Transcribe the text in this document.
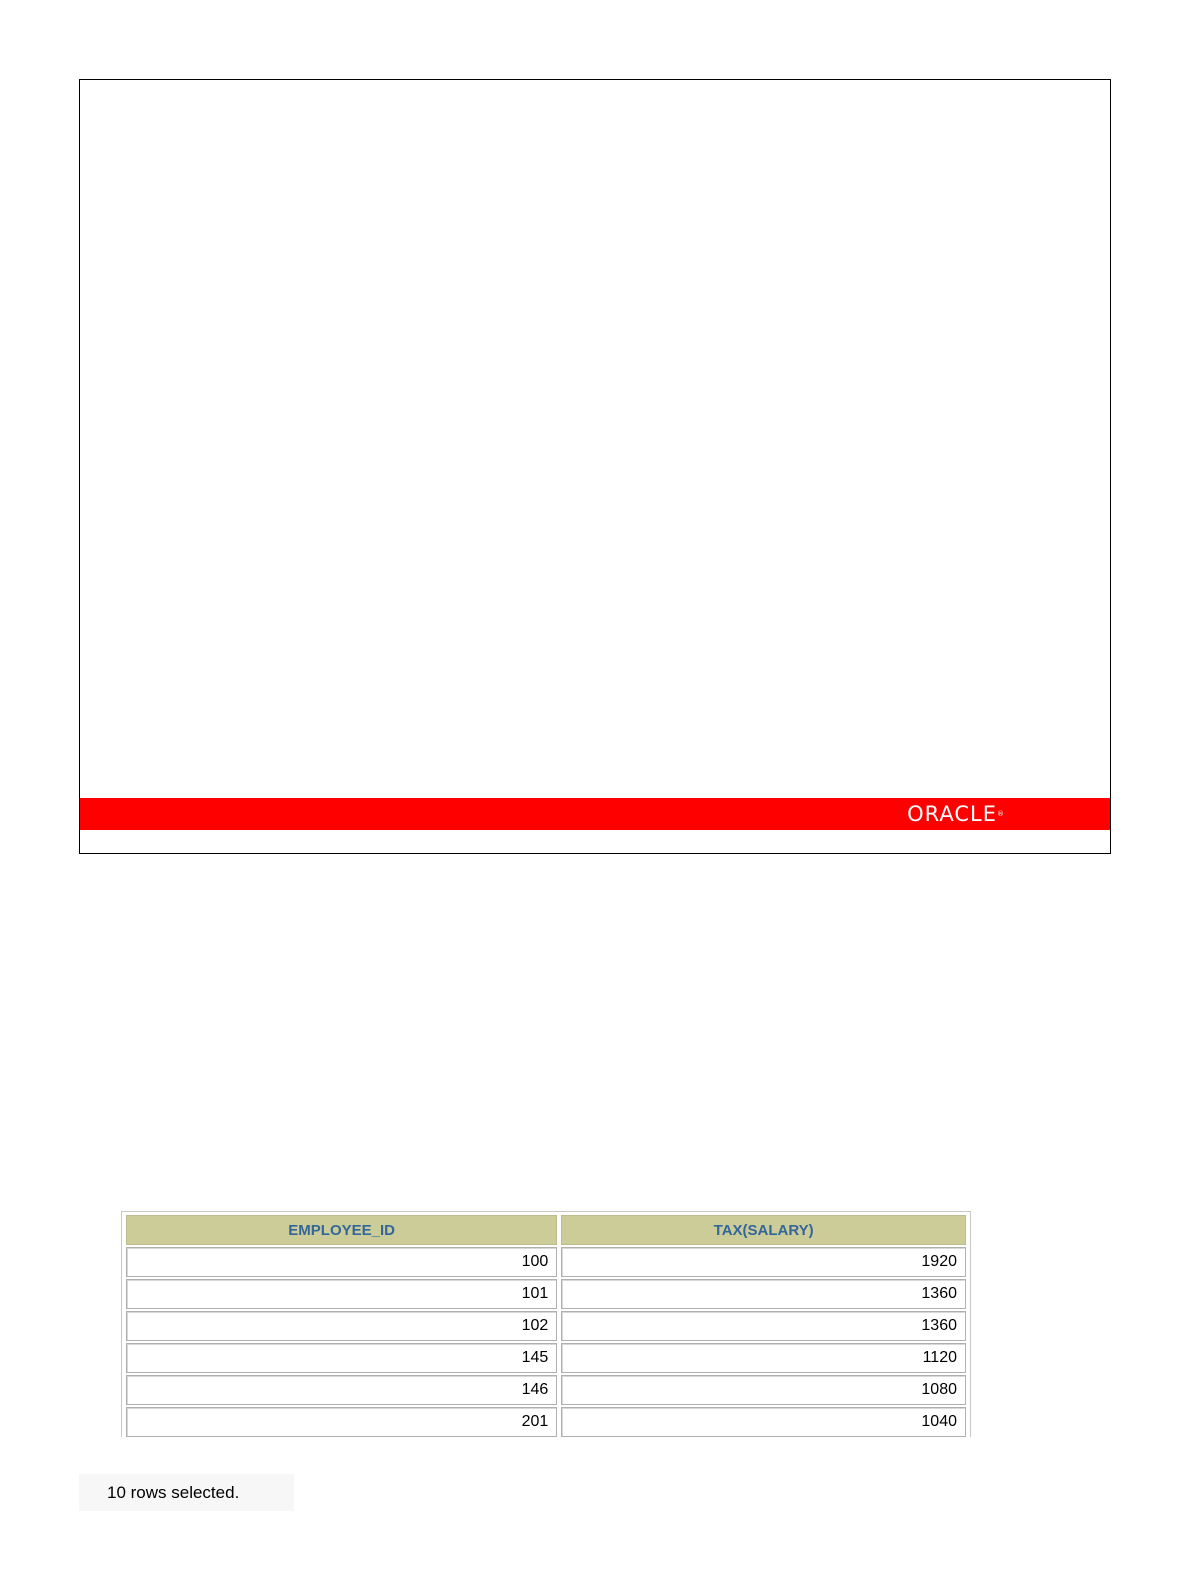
ORACLE®
EMPLOYEE_ID	TAX(SALARY)
100	1920
101	1360
102	1360
145	1120
146	1080
201	1040
10 rows selected.
